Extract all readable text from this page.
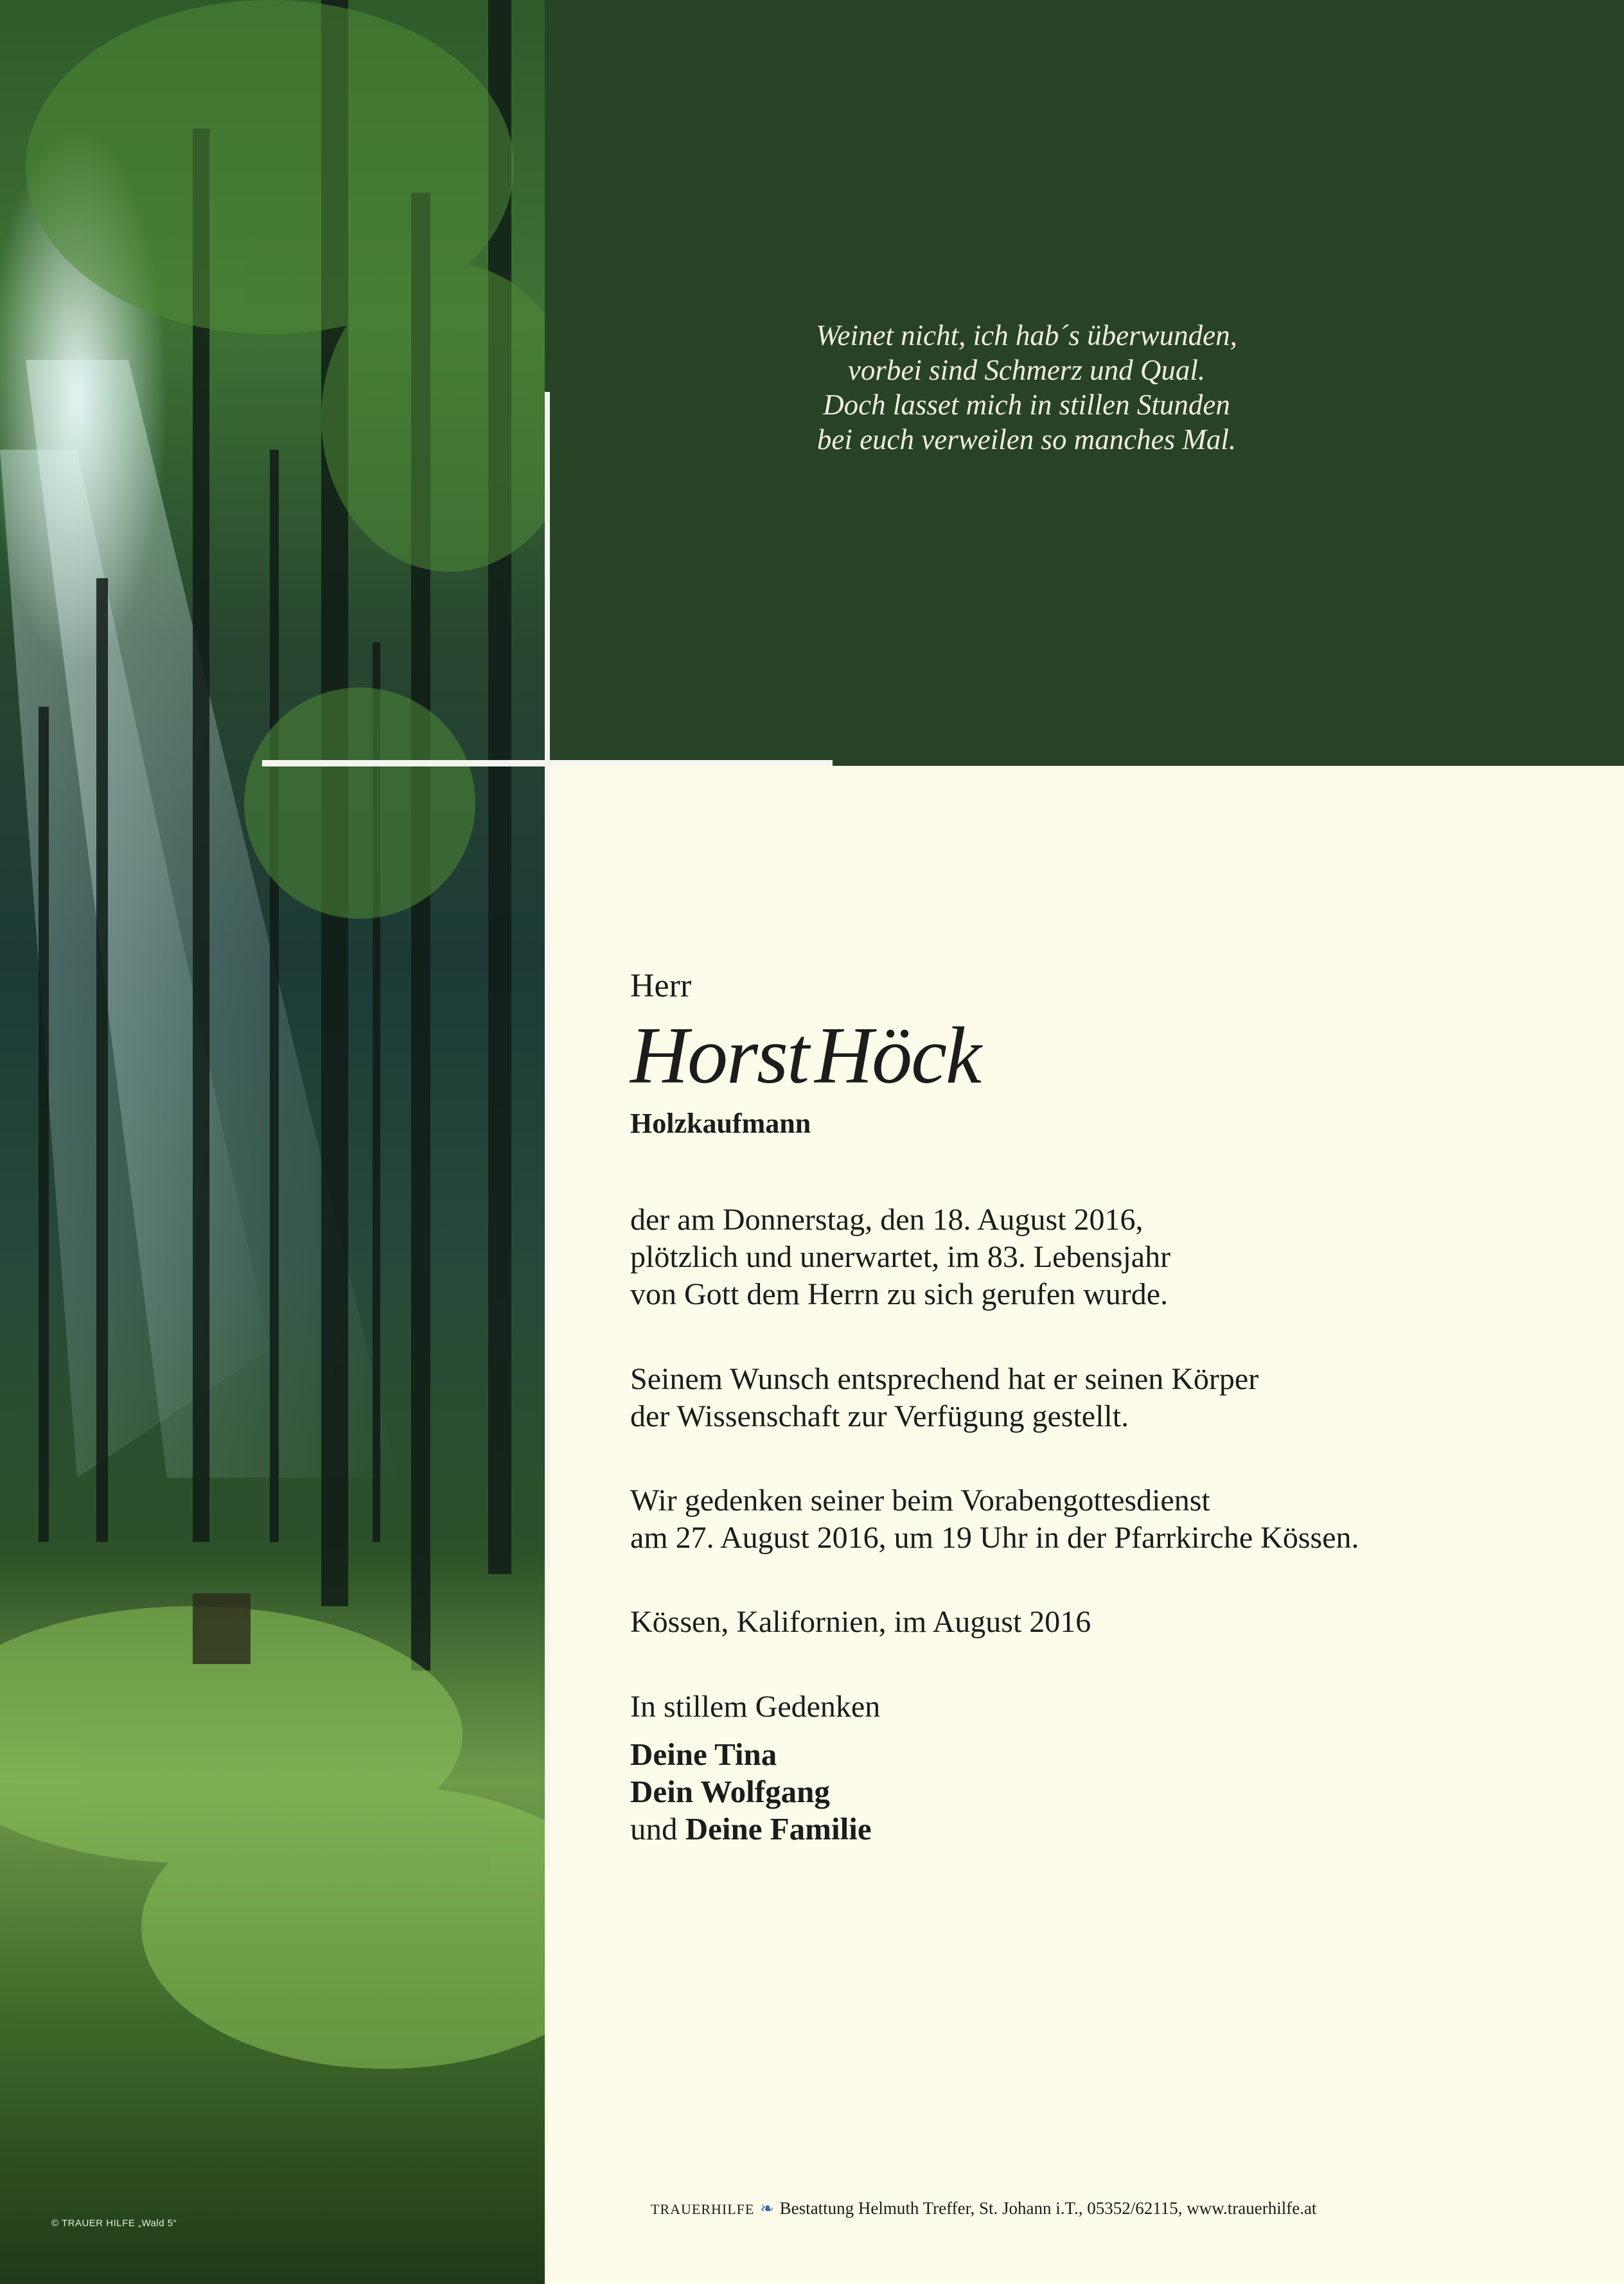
© TRAUER HILFE „Wald 5“
Weinet nicht, ich hab´s überwunden,
vorbei sind Schmerz und Qual.
Doch lasset mich in stillen Stunden
bei euch verweilen so manches Mal.
Herr
HorstHöck
Holzkaufmann
der am Donnerstag, den 18. August 2016,
plötzlich und unerwartet, im 83. Lebensjahr
von Gott dem Herrn zu sich gerufen wurde.
Seinem Wunsch entsprechend hat er seinen Körper
der Wissenschaft zur Verfügung gestellt.
Wir gedenken seiner beim Vorabengottesdienst
am 27. August 2016, um 19 Uhr in der Pfarrkirche Kössen.
Kössen, Kalifornien, im August 2016
In stillem Gedenken
Deine Tina
Dein Wolfgang
und Deine Familie
TRAUERHILFE ❧ Bestattung Helmuth Treffer, St. Johann i.T., 05352/62115, www.trauerhilfe.at
